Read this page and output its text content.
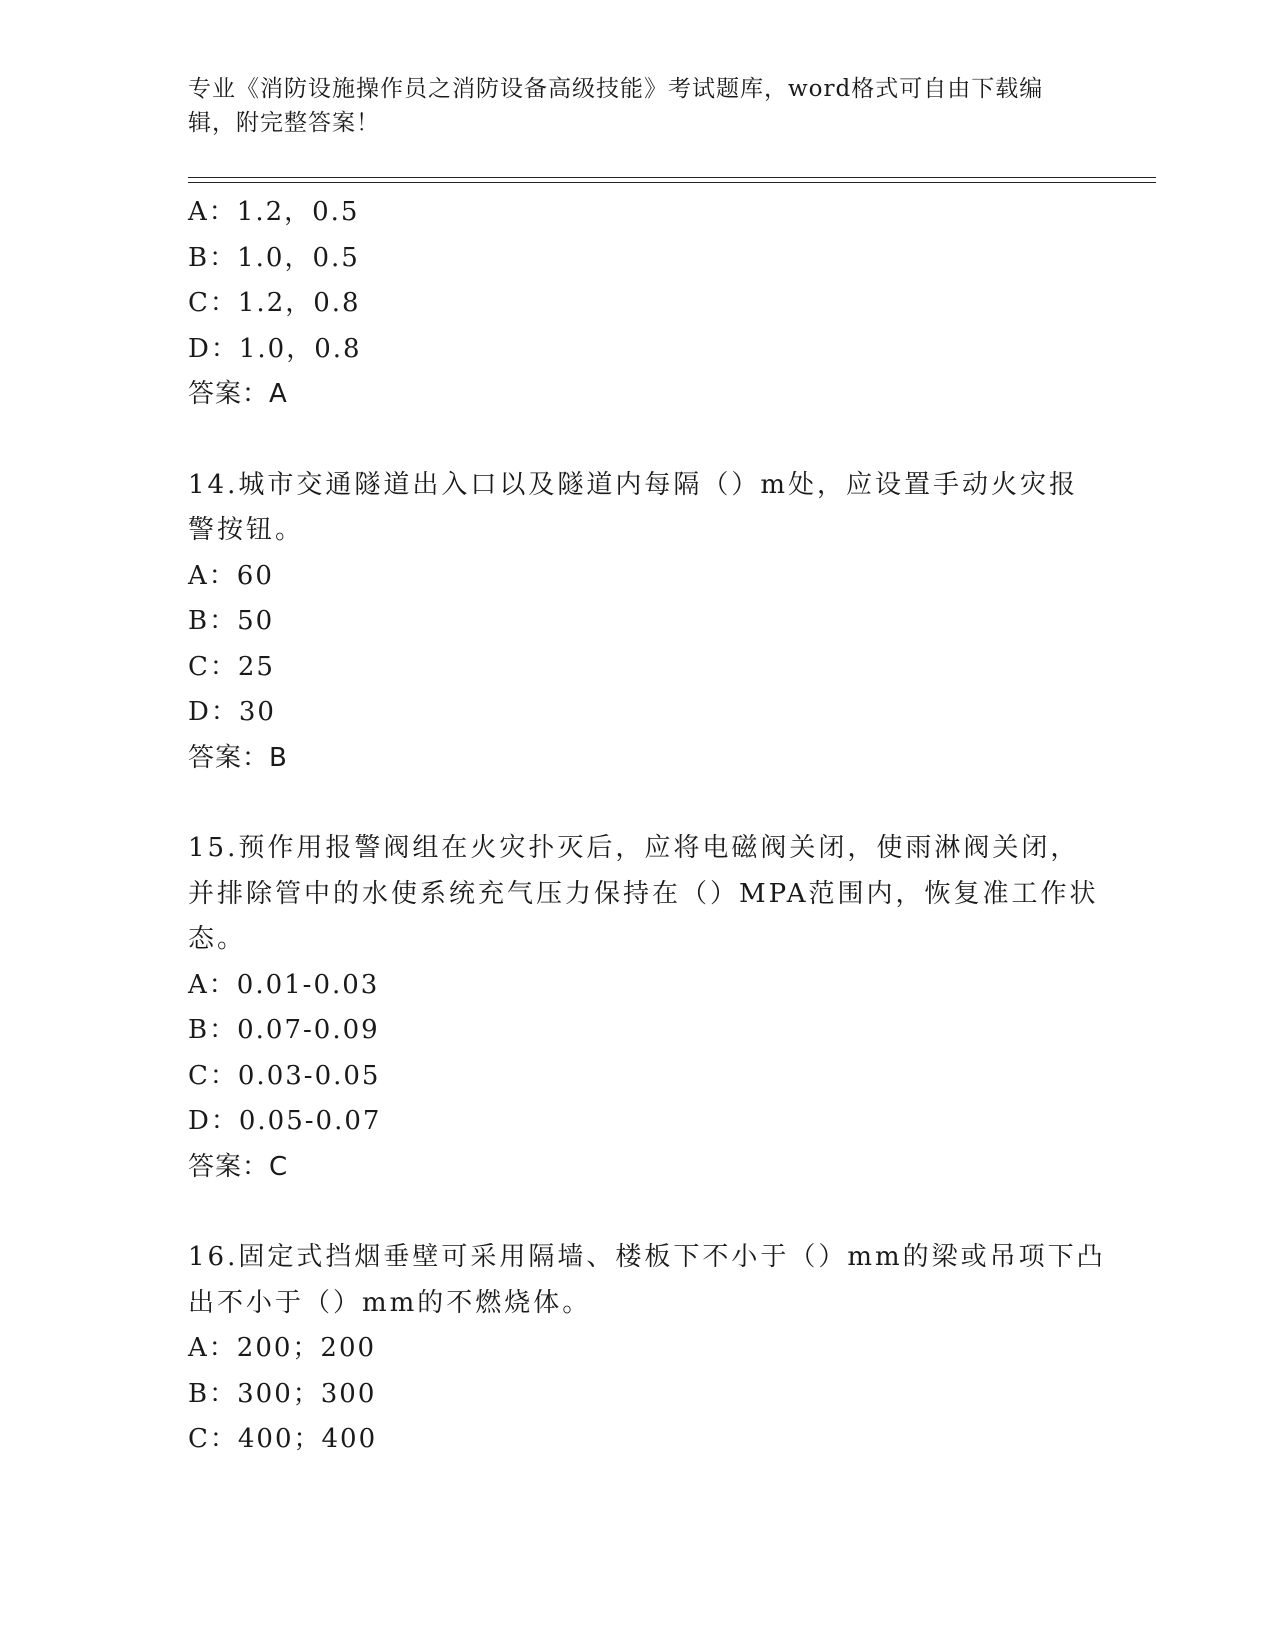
专业《消防设施操作员之消防设备高级技能》考试题库，word格式可自由下载编
辑，附完整答案！
A：1.2，0.5
B：1.0，0.5
C：1.2，0.8
D：1.0，0.8
答案：A
14.城市交通隧道出入口以及隧道内每隔（）m处，应设置手动火灾报
警按钮。
A：60
B：50
C：25
D：30
答案：B
15.预作用报警阀组在火灾扑灭后，应将电磁阀关闭，使雨淋阀关闭，
并排除管中的水使系统充气压力保持在（）MPA范围内，恢复准工作状
态。
A：0.01-0.03
B：0.07-0.09
C：0.03-0.05
D：0.05-0.07
答案：C
16.固定式挡烟垂壁可采用隔墙、楼板下不小于（）mm的梁或吊项下凸
出不小于（）mm的不燃烧体。
A：200；200
B：300；300
C：400；400
